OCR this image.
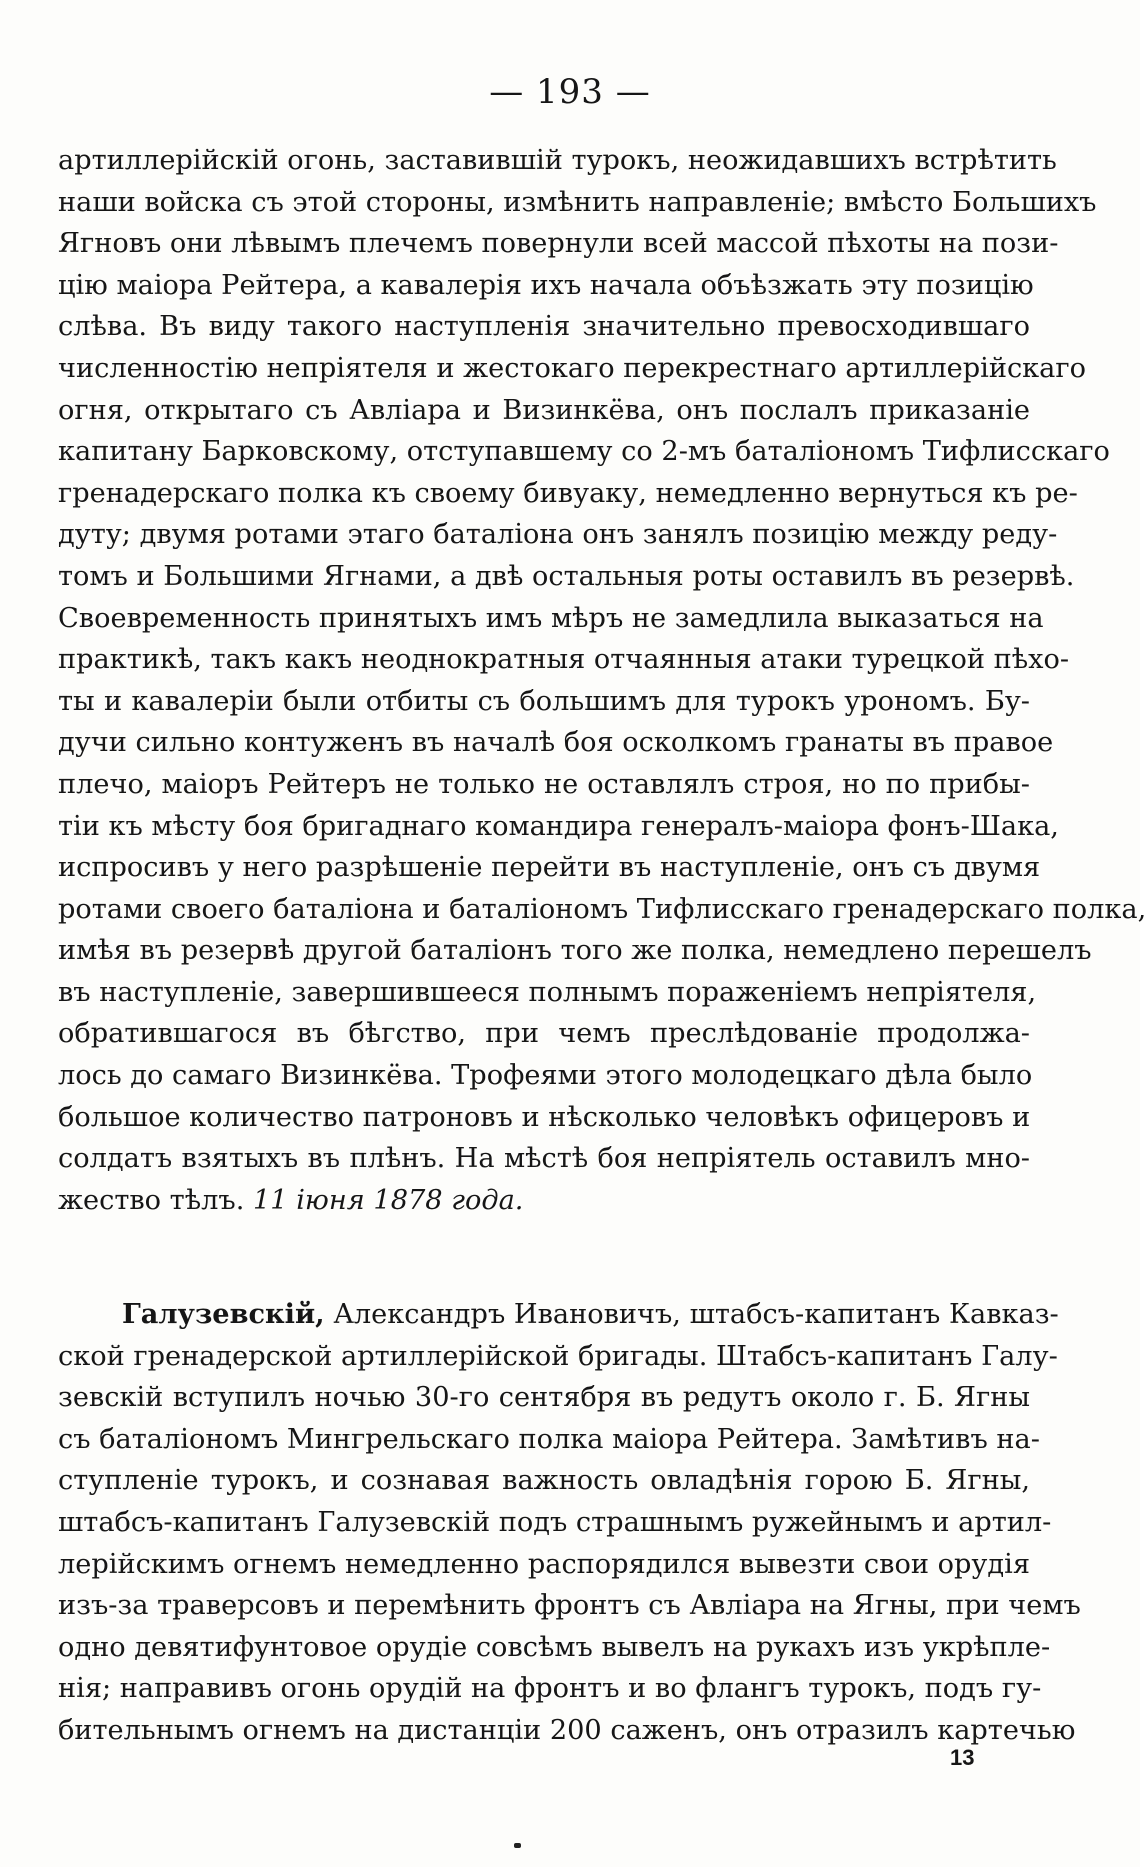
— 193 —
артиллерійскій огонь, заставившій турокъ, неожидавшихъ встрѣтить
наши войска съ этой стороны, измѣнить направленіе; вмѣсто Большихъ
Ягновъ они лѣвымъ плечемъ повернули всей массой пѣхоты на пози-
цію маіора Рейтера, а кавалерія ихъ начала объѣзжать эту позицію
слѣва. Въ виду такого наступленія значительно превосходившаго
численностію непріятеля и жестокаго перекрестнаго артиллерійскаго
огня, открытаго съ Авліара и Визинкёва, онъ послалъ приказаніе
капитану Барковскому, отступавшему со 2-мъ баталіономъ Тифлисскаго
гренадерскаго полка къ своему бивуаку, немедленно вернуться къ ре-
дуту; двумя ротами этаго баталіона онъ занялъ позицію между реду-
томъ и Большими Ягнами, а двѣ остальныя роты оставилъ въ резервѣ.
Своевременность принятыхъ имъ мѣръ не замедлила выказаться на
практикѣ, такъ какъ неоднократныя отчаянныя атаки турецкой пѣхо-
ты и кавалеріи были отбиты съ большимъ для турокъ урономъ. Бу-
дучи сильно контуженъ въ началѣ боя осколкомъ гранаты въ правое
плечо, маіоръ Рейтеръ не только не оставлялъ строя, но по прибы-
тіи къ мѣсту боя бригаднаго командира генералъ-маіора фонъ-Шака,
испросивъ у него разрѣшеніе перейти въ наступленіе, онъ съ двумя
ротами своего баталіона и баталіономъ Тифлисскаго гренадерскаго полка,
имѣя въ резервѣ другой баталіонъ того же полка, немедлено перешелъ
въ наступленіе, завершившееся полнымъ пораженіемъ непріятеля,
обратившагося въ бѣгство, при чемъ преслѣдованіе продолжа-
лось до самаго Визинкёва. Трофеями этого молодецкаго дѣла было
большое количество патроновъ и нѣсколько человѣкъ офицеровъ и
солдатъ взятыхъ въ плѣнъ. На мѣстѣ боя непріятель оставилъ мно-
жество тѣлъ. 11 іюня 1878 года.
Галузевскій, Александръ Ивановичъ, штабсъ-капитанъ Кавказ-
ской гренадерской артиллерійской бригады. Штабсъ-капитанъ Галу-
зевскій вступилъ ночью 30-го сентября въ редутъ около г. Б. Ягны
съ баталіономъ Мингрельскаго полка маіора Рейтера. Замѣтивъ на-
ступленіе турокъ, и сознавая важность овладѣнія горою Б. Ягны,
штабсъ-капитанъ Галузевскій подъ страшнымъ ружейнымъ и артил-
лерійскимъ огнемъ немедленно распорядился вывезти свои орудія
изъ-за траверсовъ и перемѣнить фронтъ съ Авліара на Ягны, при чемъ
одно девятифунтовое орудіе совсѣмъ вывелъ на рукахъ изъ укрѣпле-
нія; направивъ огонь орудій на фронтъ и во флангъ турокъ, подъ гу-
бительнымъ огнемъ на дистанціи 200 саженъ, онъ отразилъ картечью
13
